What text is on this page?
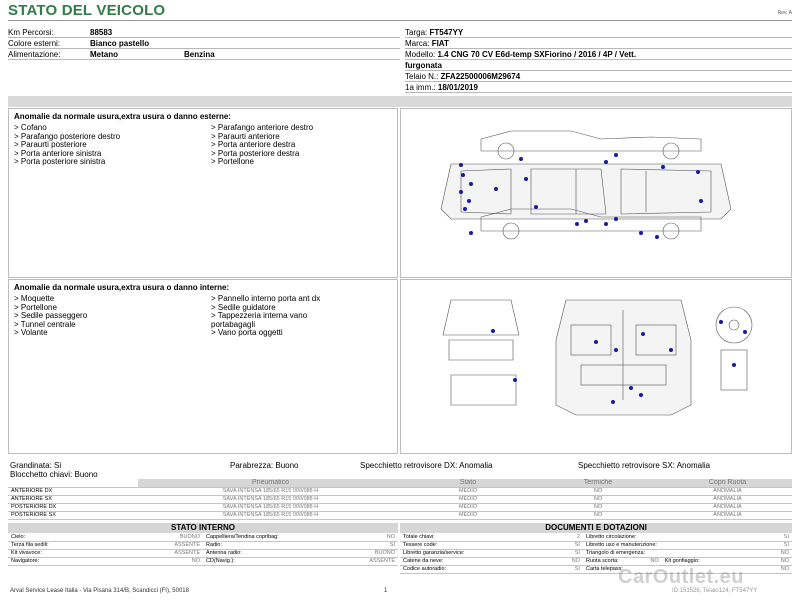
STATO DEL VEICOLO	Rev. A
Km Percorsi:	88583
Colore esterni:	Bianco pastello
Alimentazione:	Metano	Benzina
Targa: FT547YY
Marca: FIAT
Modello: 1.4 CNG 70 CV E6d-temp SXFiorino / 2016 / 4P / Vett.
furgonata
Telaio N.: ZFA22500006M29674
1a imm.: 18/01/2019
Anomalie da normale usura,extra usura o danno esterne:
> Cofano
> Parafango posteriore destro
> Paraurti posteriore
> Porta anteriore sinistra
> Porta posteriore sinistra
> Parafango anteriore destro
> Paraurti anteriore
> Porta anteriore destra
> Porta posteriore destra
> Portellone
Anomalie da normale usura,extra usura o danno interne:
> Moquette
> Portellone
> Sedile passeggero
> Tunnel centrale
> Volante
> Pannello interno porta ant dx
> Sedile guidatore
> Tappezzeria interna vano
portabagagli
> Vano porta oggetti
Grandinata: Si
Blocchetto chiavi: Buono
Parabrezza: Buono	Specchietto retrovisore DX: Anomalia	Specchietto retrovisore SX: Anomalia
	Pneumatico	Stato	Termiche	Copri Ruota
ANTERIORE DX	SAVA INTENSA 185/65 R15 000/088 H	MEDIO	NO	ANOMALIA
ANTERIORE SX	SAVA INTENSA 185/65 R15 000/088 H	MEDIO	NO	ANOMALIA
POSTERIORE DX	SAVA INTENSA 185/65 R15 000/088 H	MEDIO	NO	ANOMALIA
POSTERIORE SX	SAVA INTENSA 185/65 R15 000/088 H	MEDIO	NO	ANOMALIA
STATO INTERNO
Cielo:	BUONO	Cappelliera/Tendina copribag:	NO
Terza fila sedili:	ASSENTE	Radio:	SI
Kit vivavoce:	ASSENTE	Antenna radio:	BUONO
Navigatore:	NO	CD(Navig.):	ASSENTE
DOCUMENTI E DOTAZIONI
Totale chiavi:	2	Libretto circolazione:			SI
Tessere code:	SI	Libretto uso e manutenzione:			SI
Libretto garanzia/service:	SI	Triangolo di emergenza:			NO
Catene da neve:	NO	Ruota scorta:	NO	Kit gonfiaggio:	NO
Codice autoradio:	SI	Carta telepass:			NO
Arval Service Lease Italia - Via Pisana 314/B, Scandicci (FI), 50018	1	ID:151526, Telaio124, FT547YY
CarOutlet.eu
